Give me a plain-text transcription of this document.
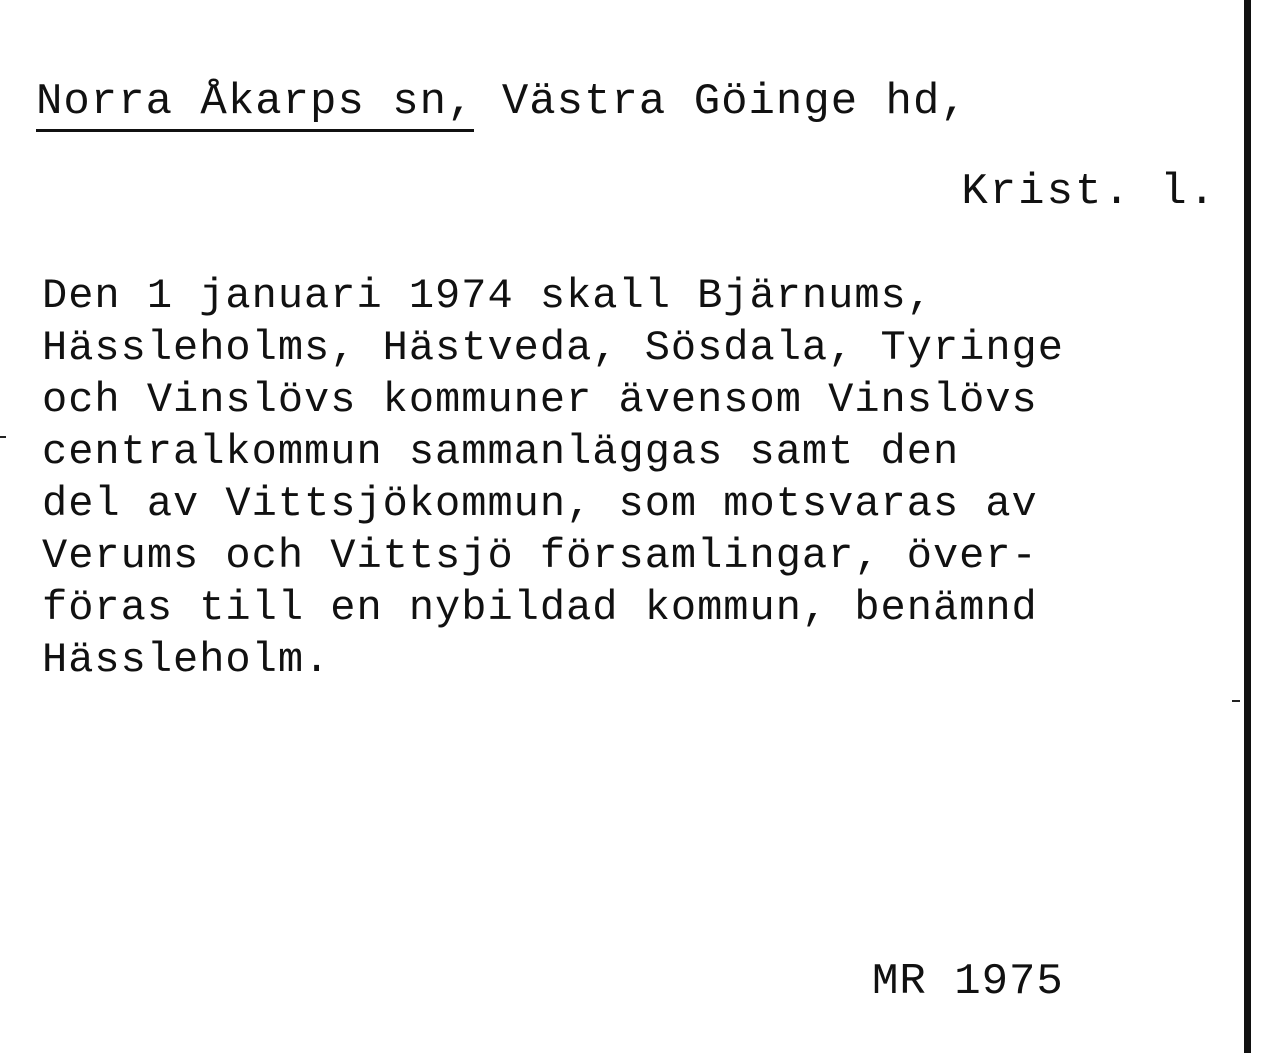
Norra Åkarps sn, Västra Göinge hd,
Krist. l.
Den 1 januari 1974 skall Bjärnums,
Hässleholms, Hästveda, Sösdala, Tyringe
och Vinslövs kommuner ävensom Vinslövs
centralkommun sammanläggas samt den
del av Vittsjökommun, som motsvaras av
Verums och Vittsjö församlingar, över-
föras till en nybildad kommun, benämnd
Hässleholm.
MR 1975
